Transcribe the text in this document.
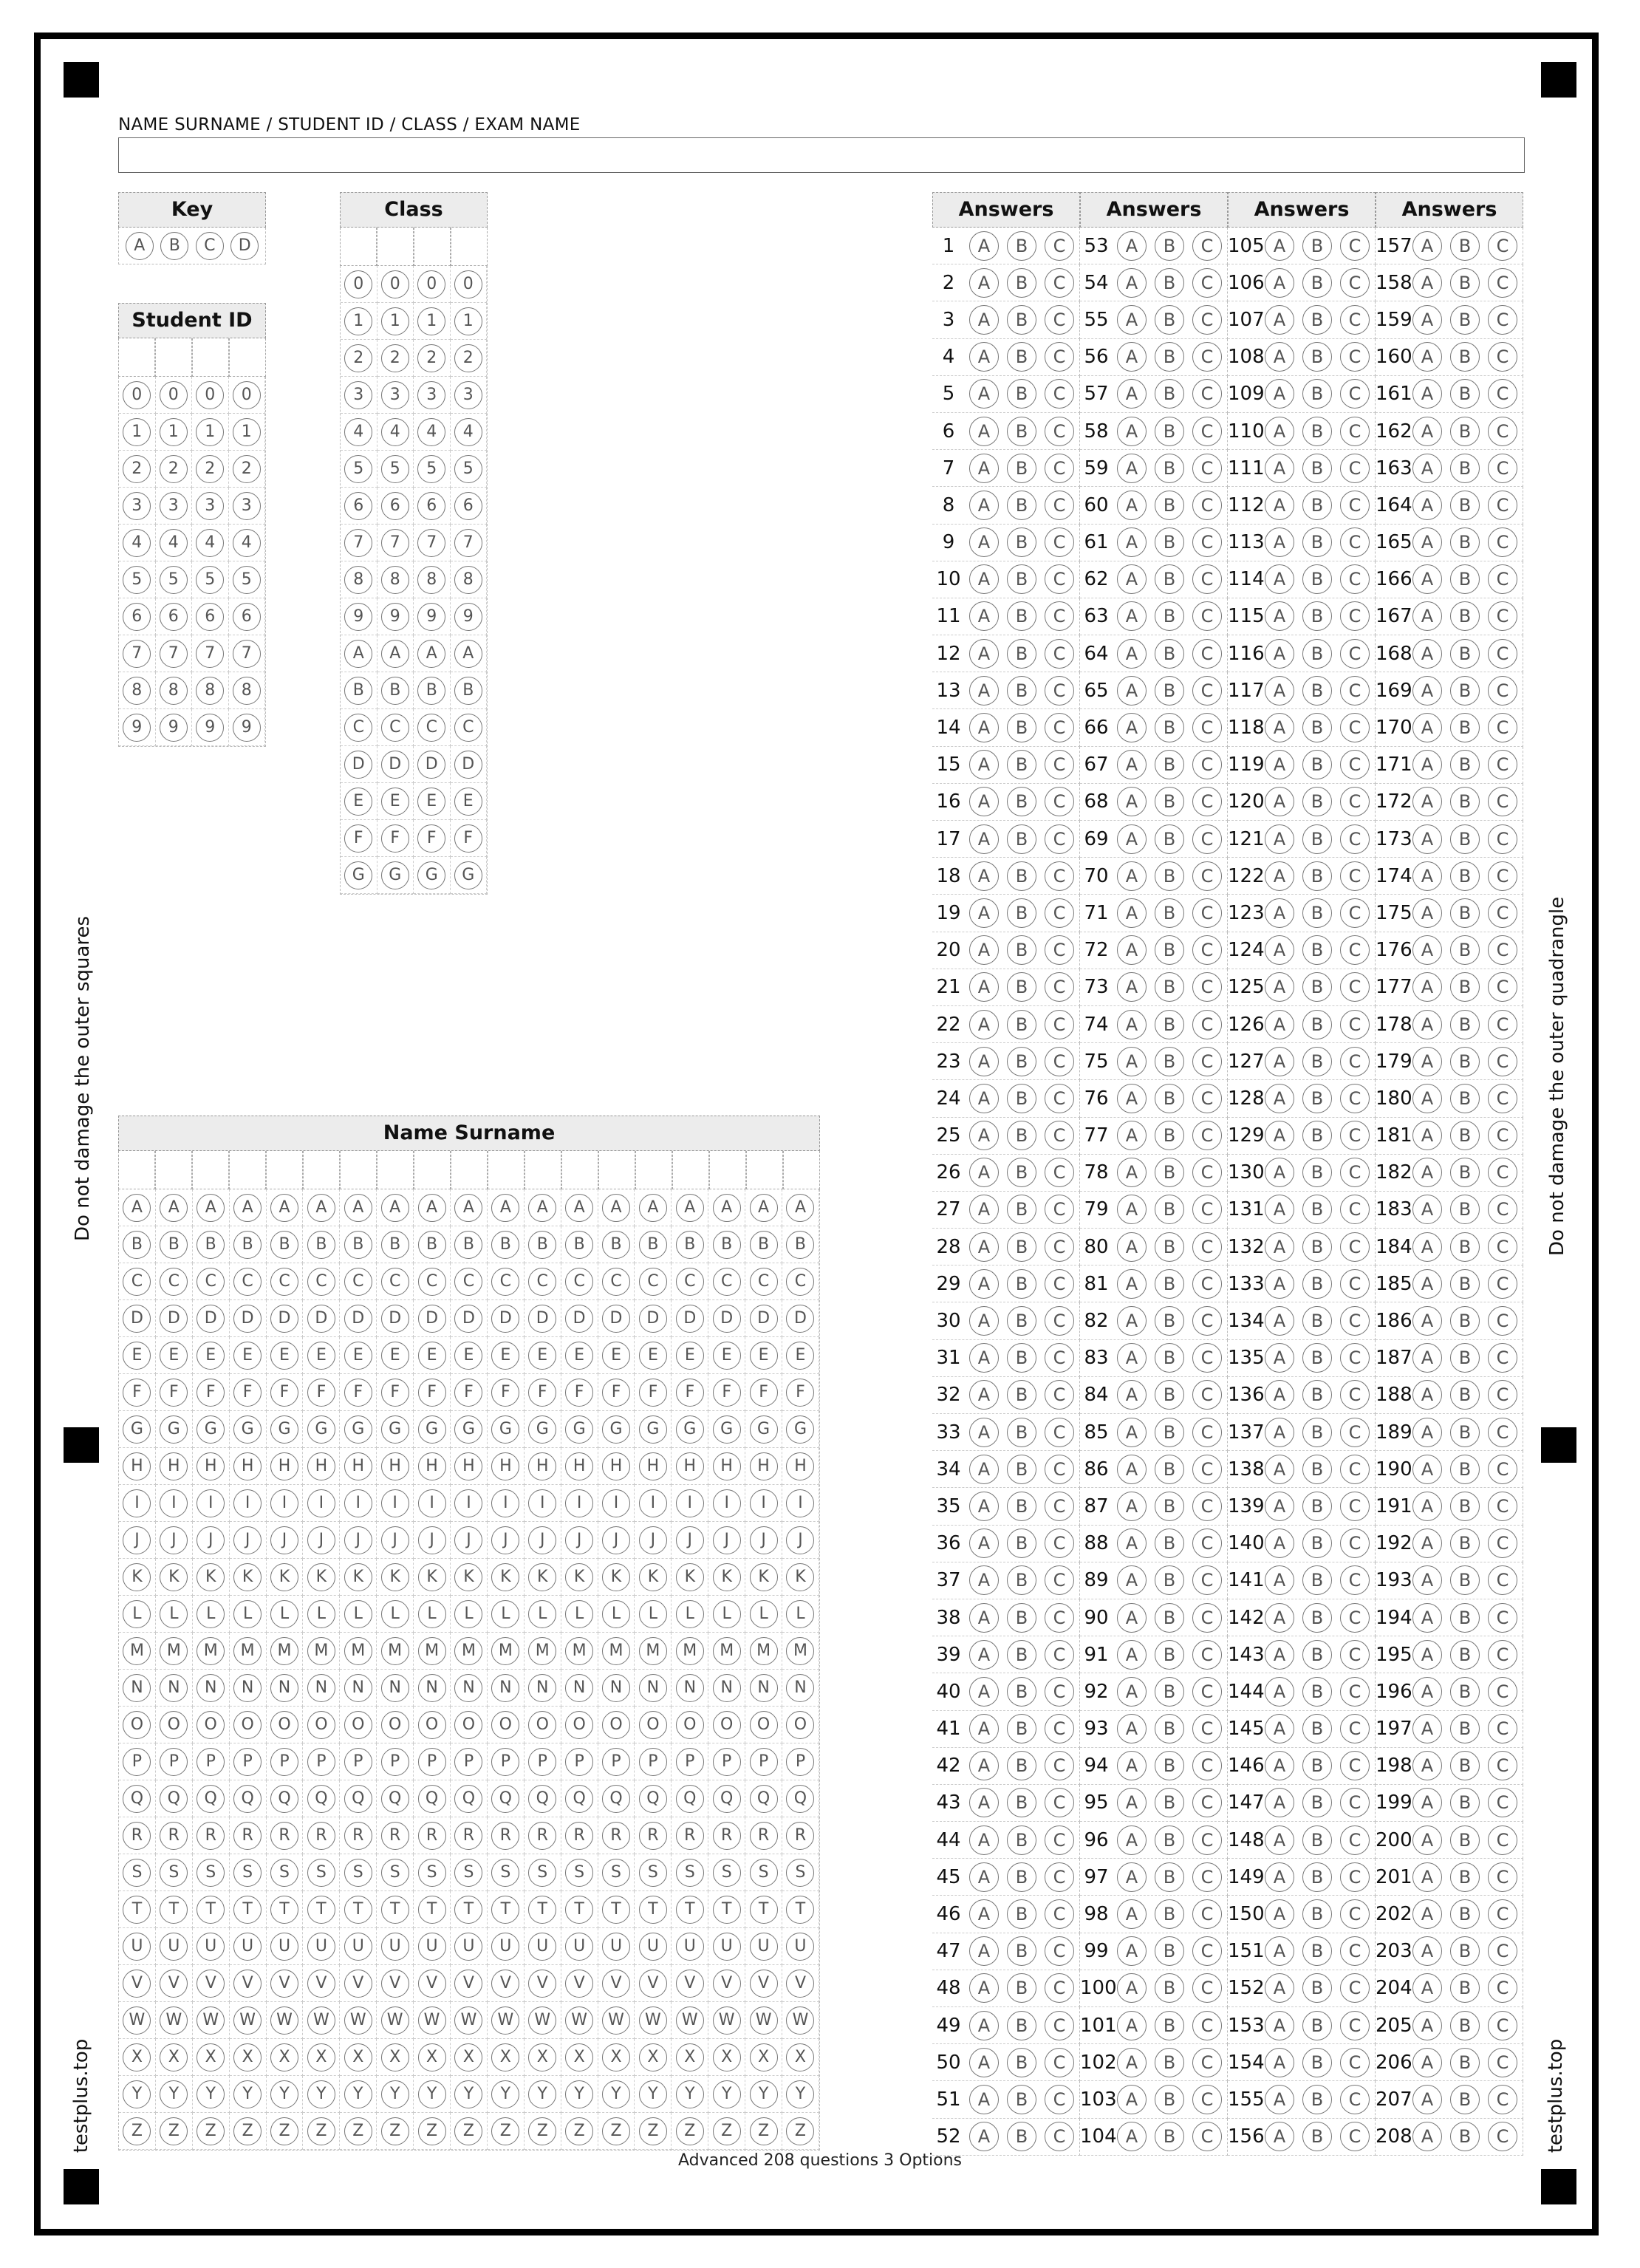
Do not damage the outer squares	Do not damage the outer quadrangle
testplus.top	testplus.top
NAME SURNAME / STUDENT ID / CLASS / EXAM NAME
Key
A	B	C	D
Student ID
0	0	0	0
1	1	1	1
2	2	2	2
3	3	3	3
4	4	4	4
5	5	5	5
6	6	6	6
7	7	7	7
8	8	8	8
9	9	9	9
Class
0	0	0	0
1	1	1	1
2	2	2	2
3	3	3	3
4	4	4	4
5	5	5	5
6	6	6	6
7	7	7	7
8	8	8	8
9	9	9	9
A	A	A	A
B	B	B	B
C	C	C	C
D	D	D	D
E	E	E	E
F	F	F	F
G	G	G	G
Name Surname
A	A	A	A	A	A	A	A	A	A	A	A	A	A	A	A	A	A	A
B	B	B	B	B	B	B	B	B	B	B	B	B	B	B	B	B	B	B
C	C	C	C	C	C	C	C	C	C	C	C	C	C	C	C	C	C	C
D	D	D	D	D	D	D	D	D	D	D	D	D	D	D	D	D	D	D
E	E	E	E	E	E	E	E	E	E	E	E	E	E	E	E	E	E	E
F	F	F	F	F	F	F	F	F	F	F	F	F	F	F	F	F	F	F
G	G	G	G	G	G	G	G	G	G	G	G	G	G	G	G	G	G	G
H	H	H	H	H	H	H	H	H	H	H	H	H	H	H	H	H	H	H
I	I	I	I	I	I	I	I	I	I	I	I	I	I	I	I	I	I	I
J	J	J	J	J	J	J	J	J	J	J	J	J	J	J	J	J	J	J
K	K	K	K	K	K	K	K	K	K	K	K	K	K	K	K	K	K	K
L	L	L	L	L	L	L	L	L	L	L	L	L	L	L	L	L	L	L
M	M	M	M	M	M	M	M	M	M	M	M	M	M	M	M	M	M	M
N	N	N	N	N	N	N	N	N	N	N	N	N	N	N	N	N	N	N
O	O	O	O	O	O	O	O	O	O	O	O	O	O	O	O	O	O	O
P	P	P	P	P	P	P	P	P	P	P	P	P	P	P	P	P	P	P
Q	Q	Q	Q	Q	Q	Q	Q	Q	Q	Q	Q	Q	Q	Q	Q	Q	Q	Q
R	R	R	R	R	R	R	R	R	R	R	R	R	R	R	R	R	R	R
S	S	S	S	S	S	S	S	S	S	S	S	S	S	S	S	S	S	S
T	T	T	T	T	T	T	T	T	T	T	T	T	T	T	T	T	T	T
U	U	U	U	U	U	U	U	U	U	U	U	U	U	U	U	U	U	U
V	V	V	V	V	V	V	V	V	V	V	V	V	V	V	V	V	V	V
W	W	W	W	W	W	W	W	W	W	W	W	W	W	W	W	W	W	W
X	X	X	X	X	X	X	X	X	X	X	X	X	X	X	X	X	X	X
Y	Y	Y	Y	Y	Y	Y	Y	Y	Y	Y	Y	Y	Y	Y	Y	Y	Y	Y
Z	Z	Z	Z	Z	Z	Z	Z	Z	Z	Z	Z	Z	Z	Z	Z	Z	Z	Z
Answers
1	A	B	C
2	A	B	C
3	A	B	C
4	A	B	C
5	A	B	C
6	A	B	C
7	A	B	C
8	A	B	C
9	A	B	C
10 A	B	C
11 A	B	C
12 A	B	C
13 A	B	C
14 A	B	C
15 A	B	C
16 A	B	C
17 A	B	C
18 A	B	C
19 A	B	C
20 A	B	C
21 A	B	C
22 A	B	C
23 A	B	C
24 A	B	C
25 A	B	C
26 A	B	C
27 A	B	C
28 A	B	C
29 A	B	C
30 A	B	C
31 A	B	C
32 A	B	C
33 A	B	C
34 A	B	C
35 A	B	C
36 A	B	C
37 A	B	C
38 A	B	C
39 A	B	C
40 A	B	C
41 A	B	C
42 A	B	C
43 A	B	C
44 A	B	C
45 A	B	C
46 A	B	C
47 A	B	C
48 A	B	C
49 A	B	C
50 A	B	C
51 A	B	C
52 A	B	C
Answers
53 A	B	C
54 A	B	C
55 A	B	C
56 A	B	C
57 A	B	C
58 A	B	C
59 A	B	C
60 A	B	C
61 A	B	C
62 A	B	C
63 A	B	C
64 A	B	C
65 A	B	C
66 A	B	C
67 A	B	C
68 A	B	C
69 A	B	C
70 A	B	C
71 A	B	C
72 A	B	C
73 A	B	C
74 A	B	C
75 A	B	C
76 A	B	C
77 A	B	C
78 A	B	C
79 A	B	C
80 A	B	C
81 A	B	C
82 A	B	C
83 A	B	C
84 A	B	C
85 A	B	C
86 A	B	C
87 A	B	C
88 A	B	C
89 A	B	C
90 A	B	C
91 A	B	C
92 A	B	C
93 A	B	C
94 A	B	C
95 A	B	C
96 A	B	C
97 A	B	C
98 A	B	C
99 A	B	C
100 A	B	C
101 A	B	C
102 A	B	C
103 A	B	C
104 A	B	C
Answers
105 A	B	C
106 A	B	C
107 A	B	C
108 A	B	C
109 A	B	C
110 A	B	C
111 A	B	C
112 A	B	C
113 A	B	C
114 A	B	C
115 A	B	C
116 A	B	C
117 A	B	C
118 A	B	C
119 A	B	C
120 A	B	C
121 A	B	C
122 A	B	C
123 A	B	C
124 A	B	C
125 A	B	C
126 A	B	C
127 A	B	C
128 A	B	C
129 A	B	C
130 A	B	C
131 A	B	C
132 A	B	C
133 A	B	C
134 A	B	C
135 A	B	C
136 A	B	C
137 A	B	C
138 A	B	C
139 A	B	C
140 A	B	C
141 A	B	C
142 A	B	C
143 A	B	C
144 A	B	C
145 A	B	C
146 A	B	C
147 A	B	C
148 A	B	C
149 A	B	C
150 A	B	C
151 A	B	C
152 A	B	C
153 A	B	C
154 A	B	C
155 A	B	C
156 A	B	C
Answers
157 A	B	C
158 A	B	C
159 A	B	C
160 A	B	C
161 A	B	C
162 A	B	C
163 A	B	C
164 A	B	C
165 A	B	C
166 A	B	C
167 A	B	C
168 A	B	C
169 A	B	C
170 A	B	C
171 A	B	C
172 A	B	C
173 A	B	C
174 A	B	C
175 A	B	C
176 A	B	C
177 A	B	C
178 A	B	C
179 A	B	C
180 A	B	C
181 A	B	C
182 A	B	C
183 A	B	C
184 A	B	C
185 A	B	C
186 A	B	C
187 A	B	C
188 A	B	C
189 A	B	C
190 A	B	C
191 A	B	C
192 A	B	C
193 A	B	C
194 A	B	C
195 A	B	C
196 A	B	C
197 A	B	C
198 A	B	C
199 A	B	C
200 A	B	C
201 A	B	C
202 A	B	C
203 A	B	C
204 A	B	C
205 A	B	C
206 A	B	C
207 A	B	C
208 A	B	C
Advanced 208 questions 3 Options
